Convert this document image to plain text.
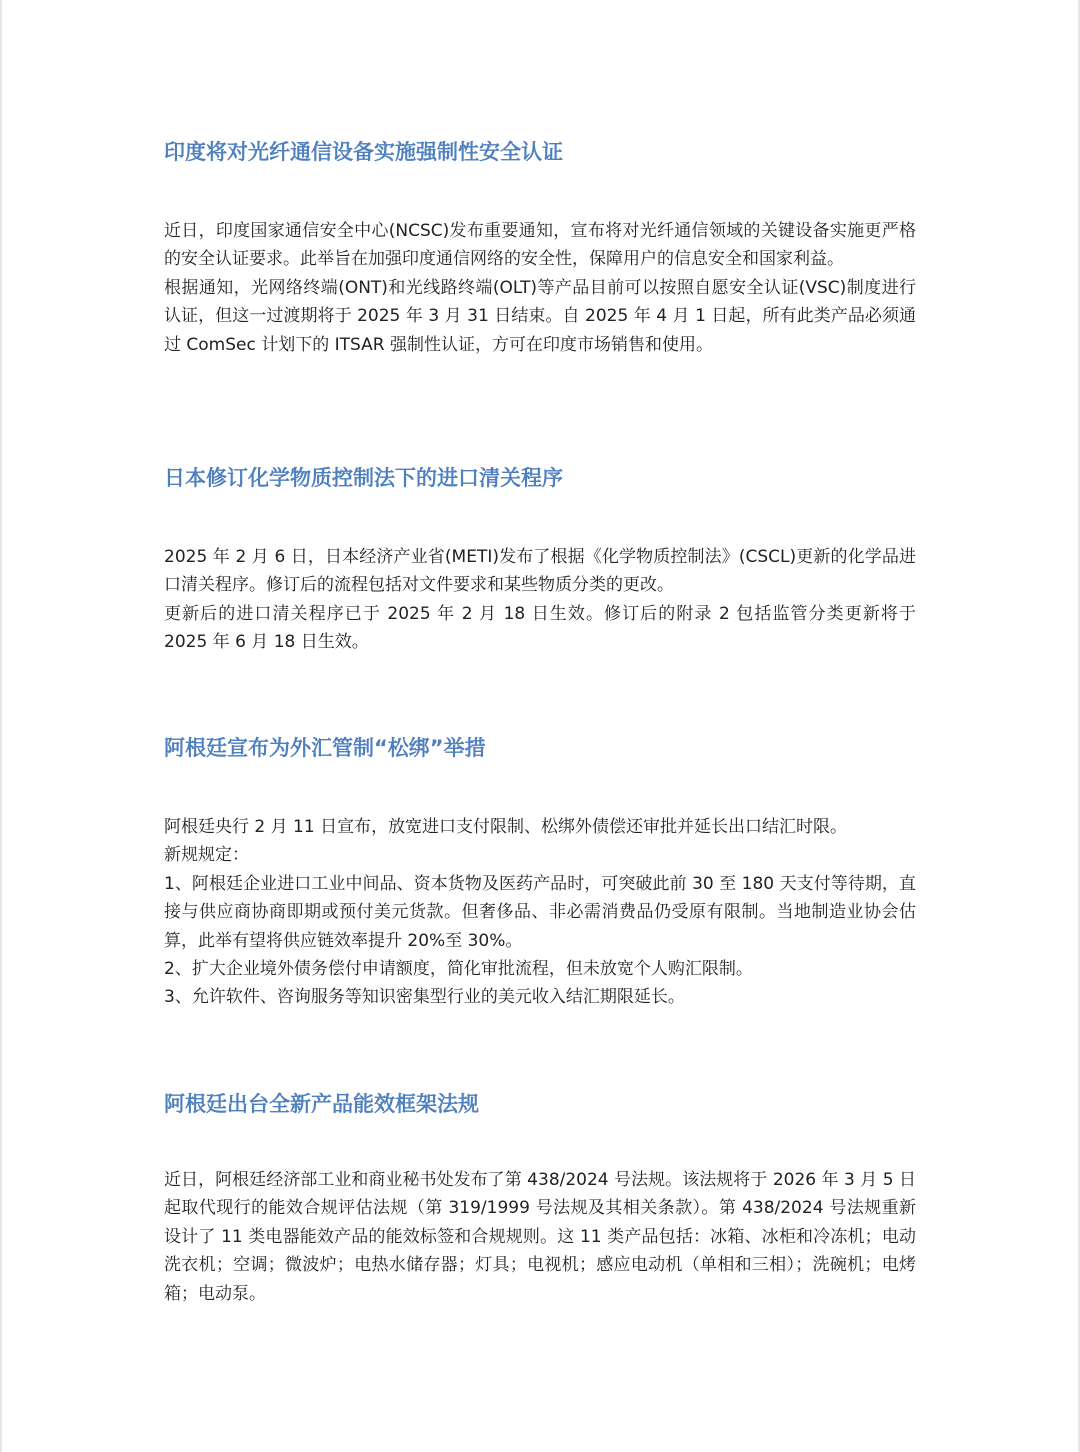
印度将对光纤通信设备实施强制性安全认证

近日，印度国家通信安全中心(NCSC)发布重要通知，宣布将对光纤通信领域的关键设备实施更严格的安全认证要求。此举旨在加强印度通信网络的安全性，保障用户的信息安全和国家利益。

根据通知，光网络终端(ONT)和光线路终端(OLT)等产品目前可以按照自愿安全认证(VSC)制度进行认证，但这一过渡期将于 2025 年 3 月 31 日结束。自 2025 年 4 月 1 日起，所有此类产品必须通过 ComSec 计划下的 ITSAR 强制性认证，方可在印度市场销售和使用。

日本修订化学物质控制法下的进口清关程序

2025 年 2 月 6 日，日本经济产业省(METI)发布了根据《化学物质控制法》(CSCL)更新的化学品进口清关程序。修订后的流程包括对文件要求和某些物质分类的更改。

更新后的进口清关程序已于 2025 年 2 月 18 日生效。修订后的附录 2 包括监管分类更新将于 2025 年 6 月 18 日生效。

阿根廷宣布为外汇管制“松绑”举措

阿根廷央行 2 月 11 日宣布，放宽进口支付限制、松绑外债偿还审批并延长出口结汇时限。

新规规定：

1、阿根廷企业进口工业中间品、资本货物及医药产品时，可突破此前 30 至 180 天支付等待期，直接与供应商协商即期或预付美元货款。但奢侈品、非必需消费品仍受原有限制。当地制造业协会估算，此举有望将供应链效率提升 20%至 30%。

2、扩大企业境外债务偿付申请额度，简化审批流程，但未放宽个人购汇限制。

3、允许软件、咨询服务等知识密集型行业的美元收入结汇期限延长。

阿根廷出台全新产品能效框架法规

近日，阿根廷经济部工业和商业秘书处发布了第 438/2024 号法规。该法规将于 2026 年 3 月 5 日起取代现行的能效合规评估法规（第 319/1999 号法规及其相关条款）。第 438/2024 号法规重新设计了 11 类电器能效产品的能效标签和合规规则。这 11 类产品包括：冰箱、冰柜和冷冻机；电动洗衣机；空调；微波炉；电热水储存器；灯具；电视机；感应电动机（单相和三相）；洗碗机；电烤箱；电动泵。
